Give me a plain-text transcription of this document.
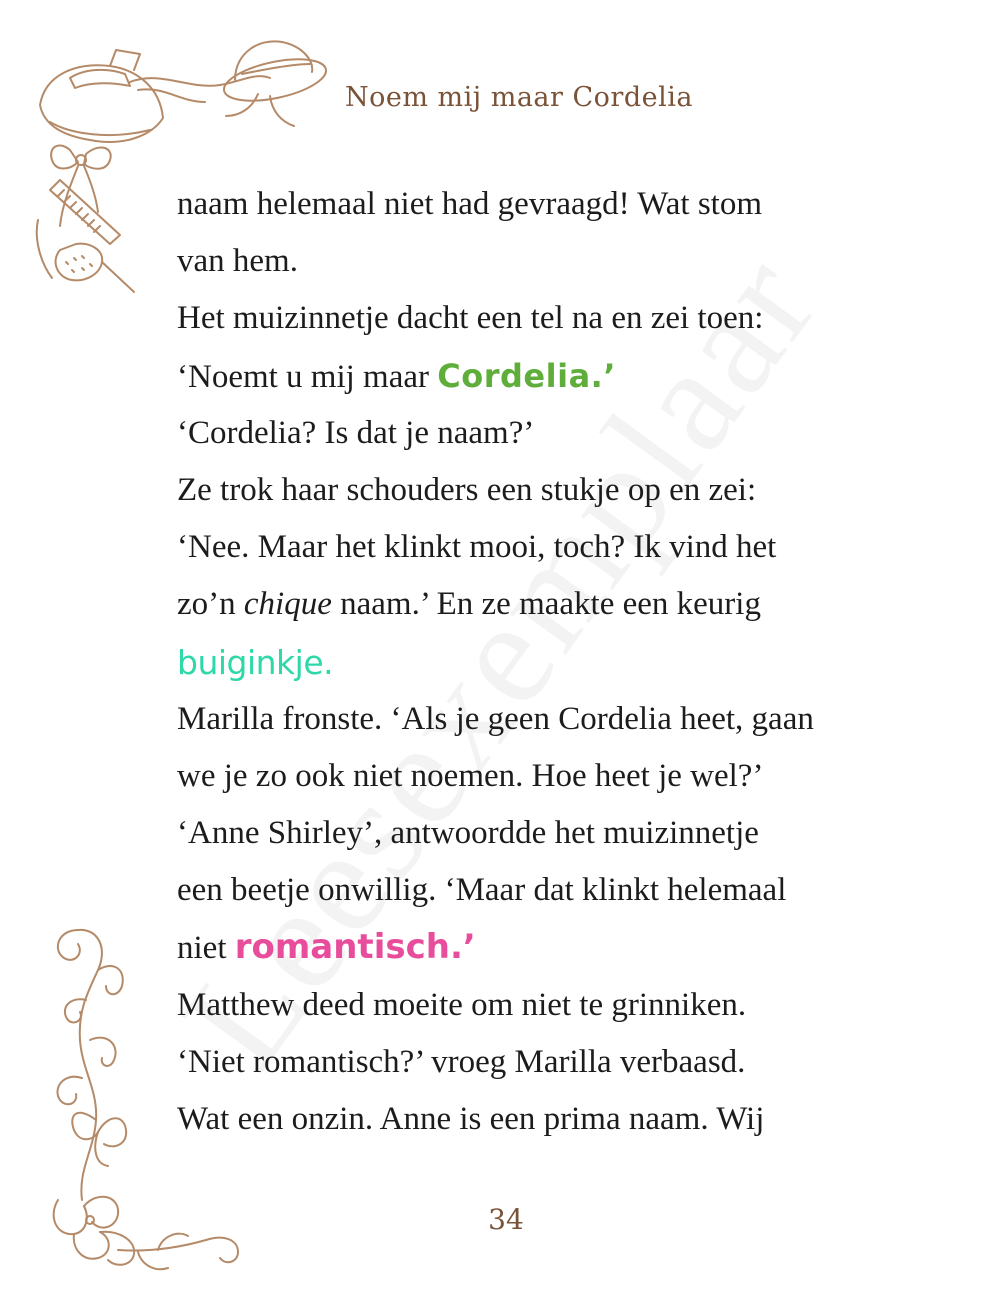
Noem mij maar Cordelia
naam helemaal niet had gevraagd! Wat stom
van hem.
Het muizinnetje dacht een tel na en zei toen:
‘Noemt u mij maar Cordelia.’
‘Cordelia? Is dat je naam?’
Ze trok haar schouders een stukje op en zei:
‘Nee. Maar het klinkt mooi, toch? Ik vind het
zo’n chique naam.’ En ze maakte een keurig
buiginkje.
Marilla fronste. ‘Als je geen Cordelia heet, gaan
we je zo ook niet noemen. Hoe heet je wel?’
‘Anne Shirley’, antwoordde het muizinnetje
een beetje onwillig. ‘Maar dat klinkt helemaal
niet romantisch.’
Matthew deed moeite om niet te grinniken.
‘Niet romantisch?’ vroeg Marilla verbaasd.
Wat een onzin. Anne is een prima naam. Wij
34
